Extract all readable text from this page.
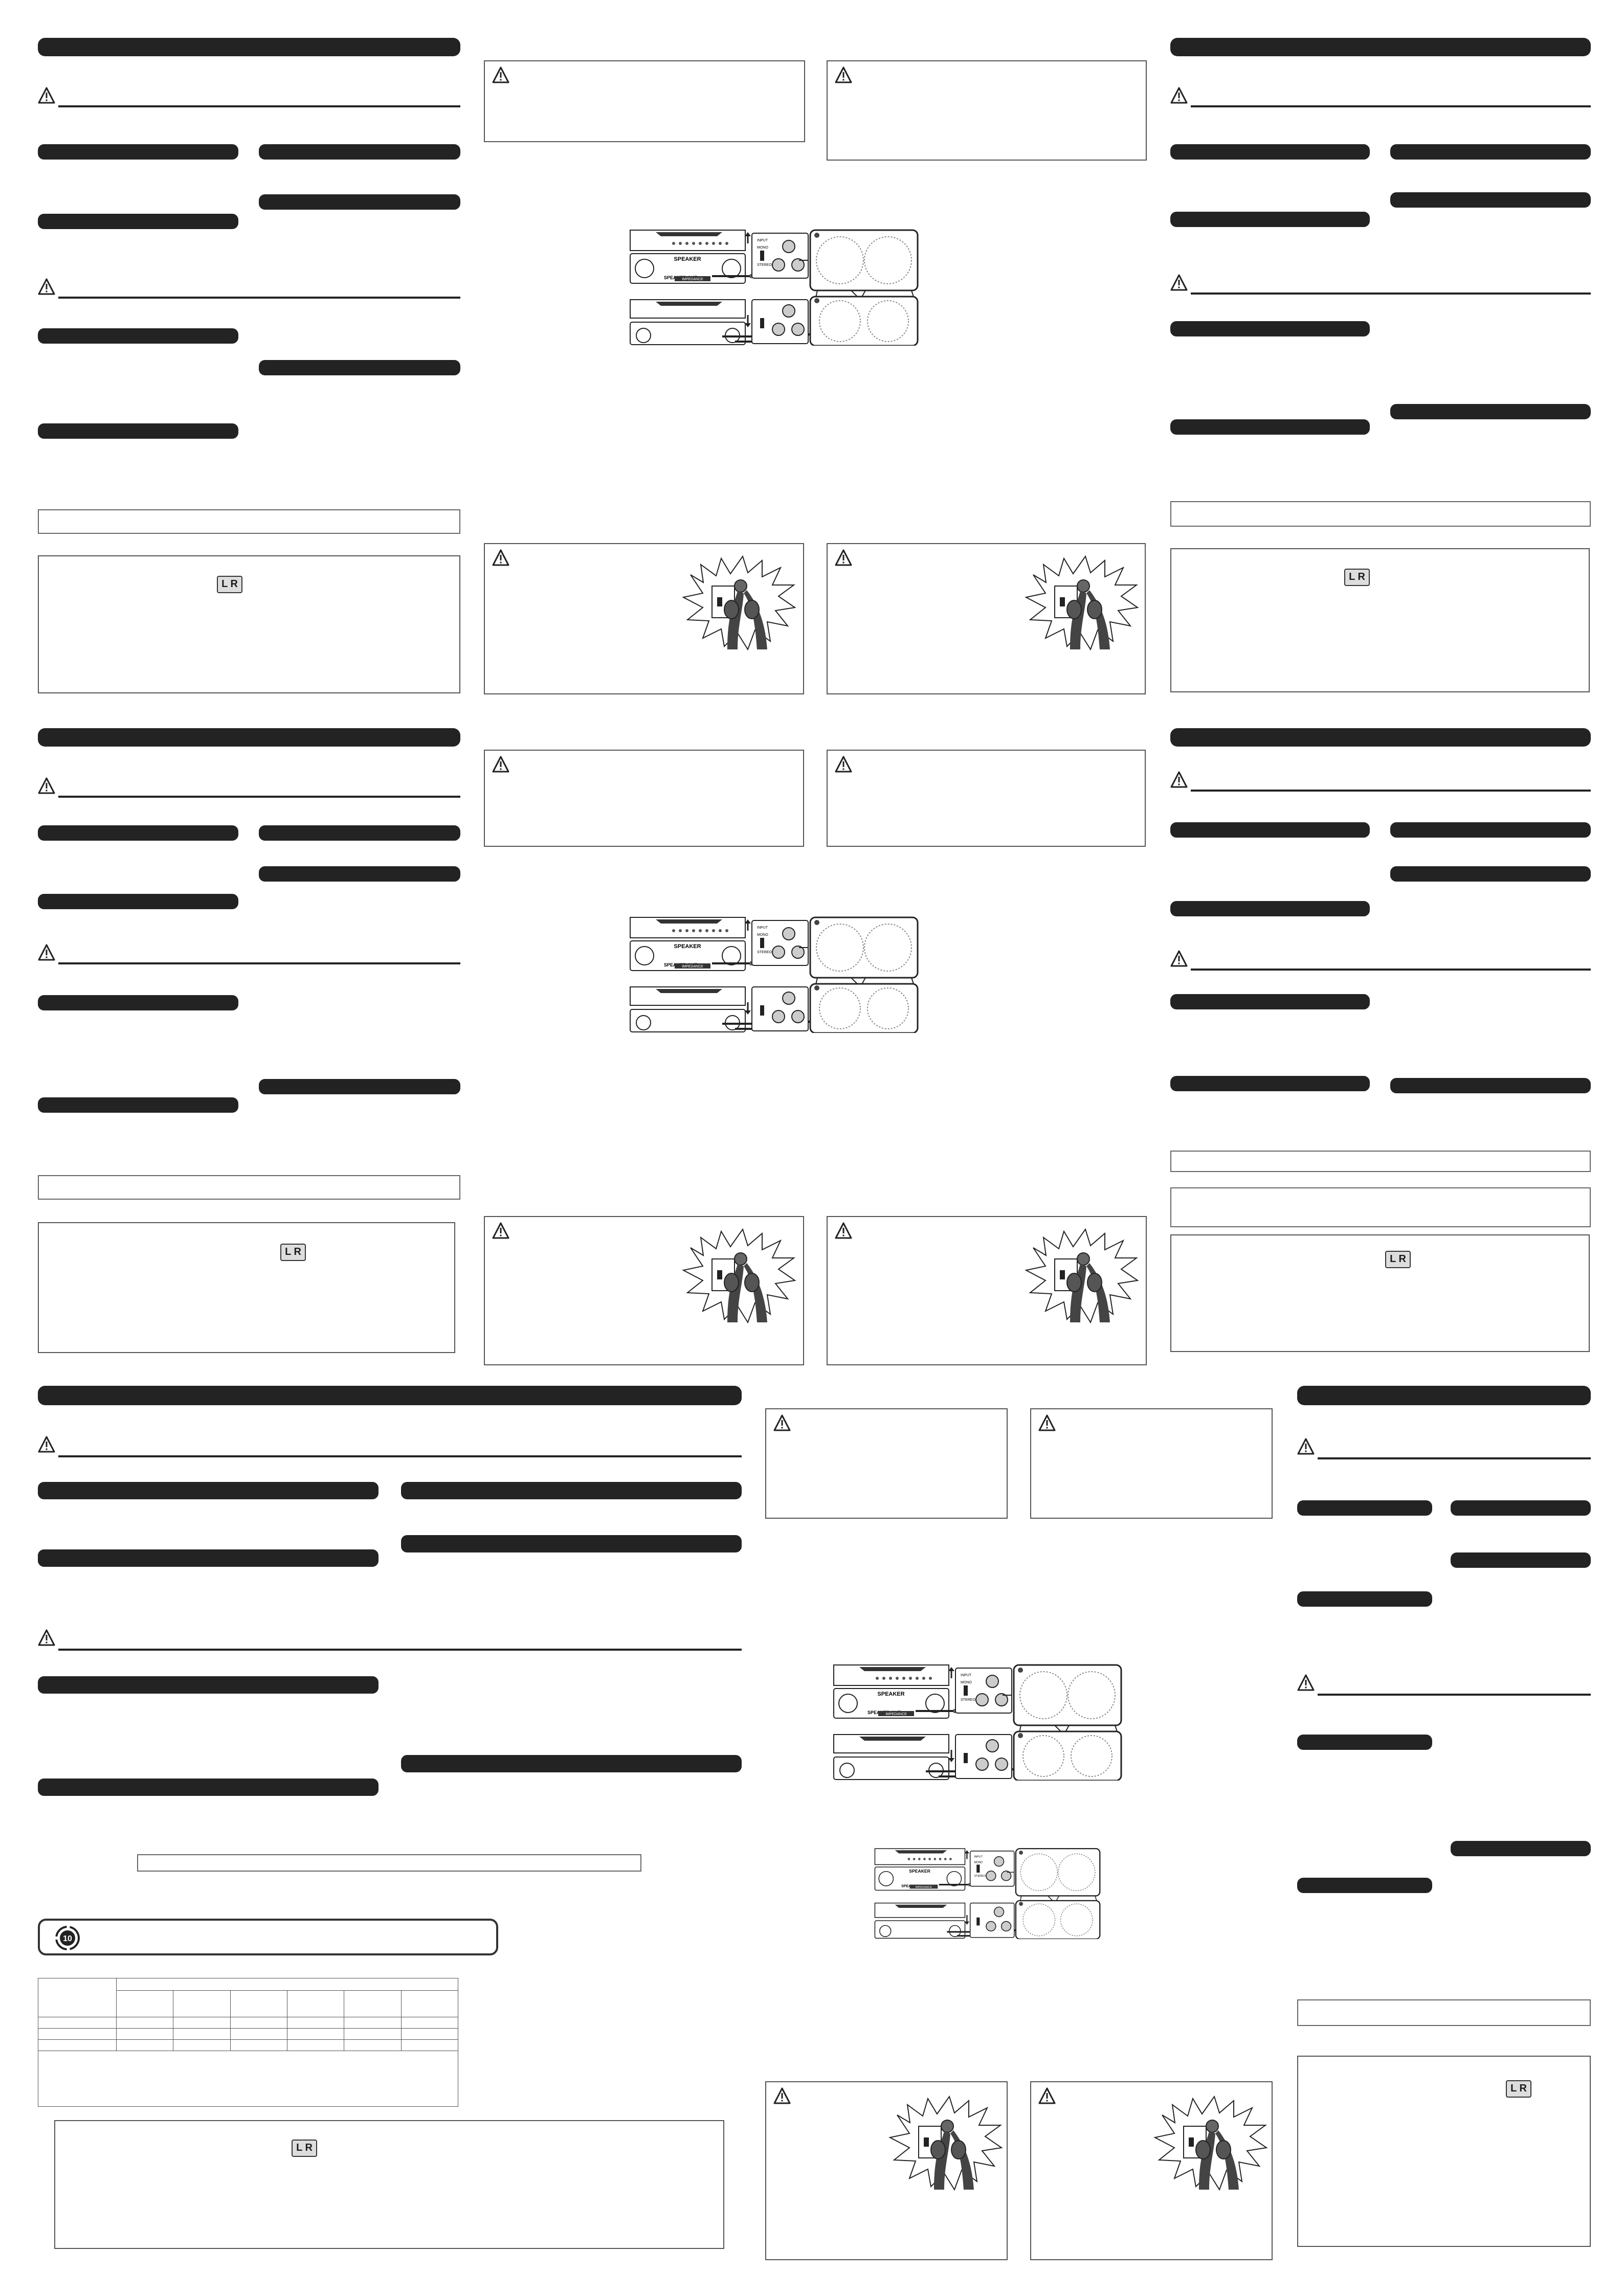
L R
L R
L R
L R
10

L R
L R
